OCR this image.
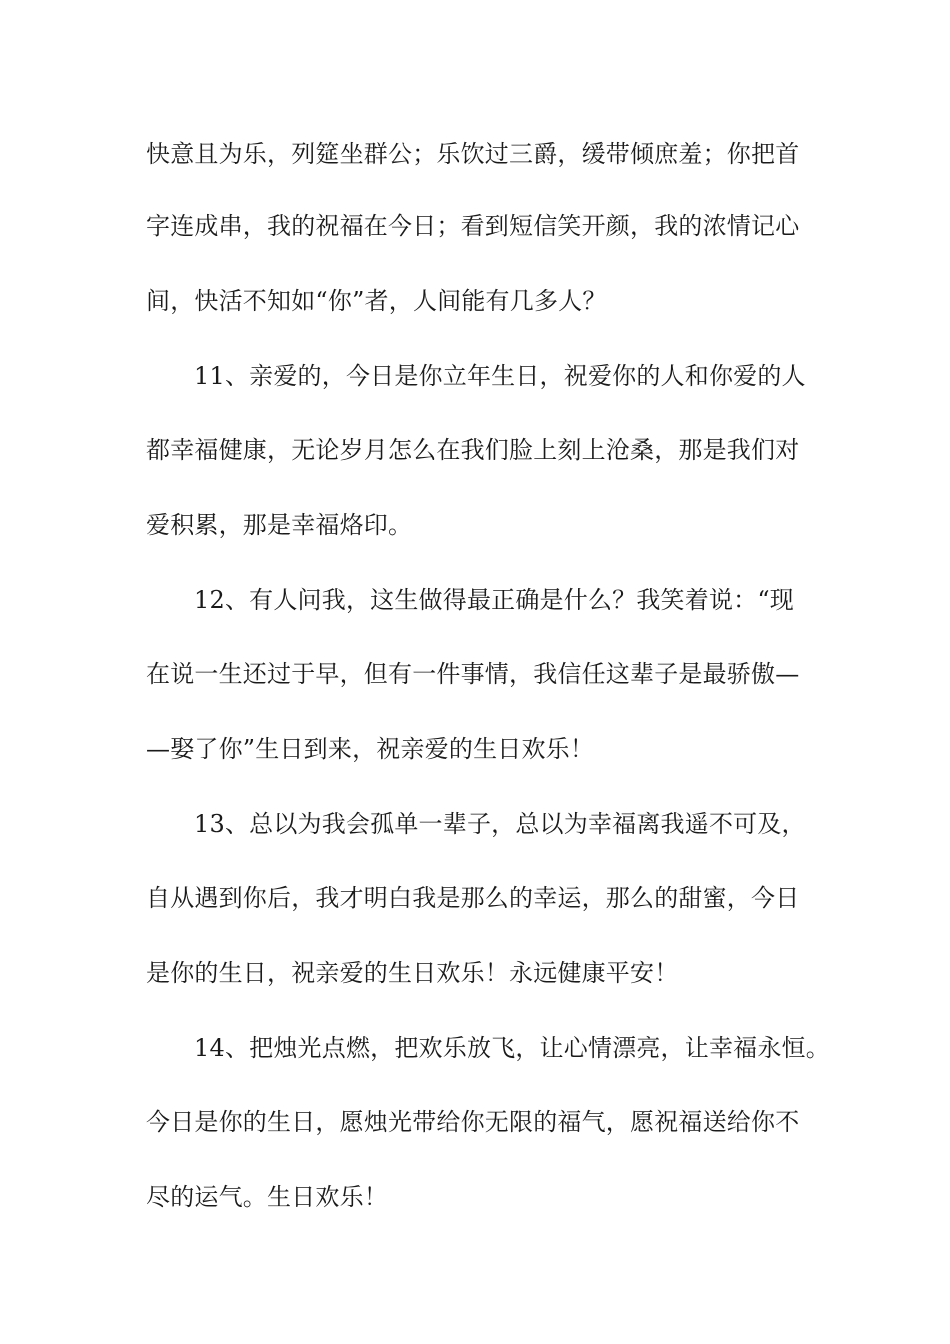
快意且为乐，列筵坐群公；乐饮过三爵，缓带倾庶羞；你把首
字连成串，我的祝福在今日；看到短信笑开颜，我的浓情记心
间，快活不知如“你”者，人间能有几多人？
11、亲爱的，今日是你立年生日，祝爱你的人和你爱的人
都幸福健康，无论岁月怎么在我们脸上刻上沧桑，那是我们对
爱积累，那是幸福烙印。
12、有人问我，这生做得最正确是什么？我笑着说：“现
在说一生还过于早，但有一件事情，我信任这辈子是最骄傲—
—娶了你”生日到来，祝亲爱的生日欢乐！
13、总以为我会孤单一辈子，总以为幸福离我遥不可及，
自从遇到你后，我才明白我是那么的幸运，那么的甜蜜，今日
是你的生日，祝亲爱的生日欢乐！永远健康平安！
14、把烛光点燃，把欢乐放飞，让心情漂亮，让幸福永恒。
今日是你的生日，愿烛光带给你无限的福气，愿祝福送给你不
尽的运气。生日欢乐！
